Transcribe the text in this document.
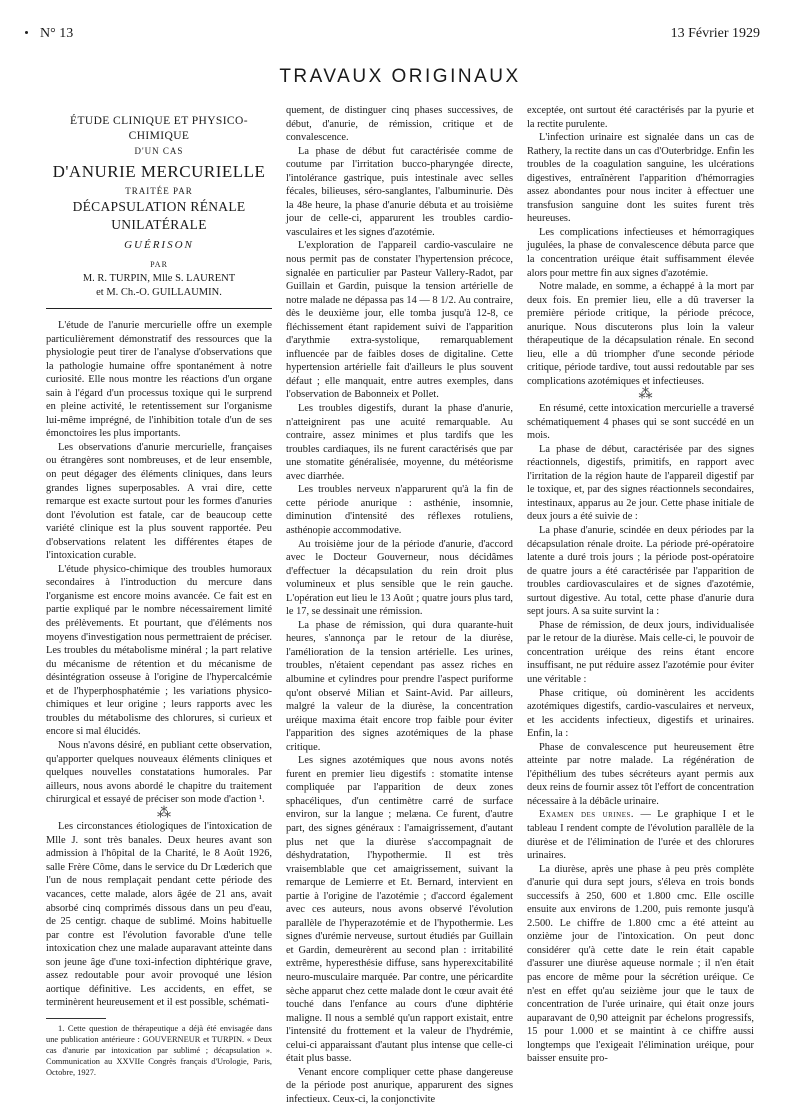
N° 13	13 Février 1929
TRAVAUX ORIGINAUX
ÉTUDE CLINIQUE ET PHYSICO-CHIMIQUE
D'UN CAS
D'ANURIE MERCURIELLE
TRAITÉE PAR
DÉCAPSULATION RÉNALE UNILATÉRALE
GUÉRISON
PAR
M. R. TURPIN, Mlle S. LAURENT
et M. Ch.-O. GUILLAUMIN.

L'étude de l'anurie mercurielle offre un exemple particulièrement démonstratif des ressources que la physiologie peut tirer de l'analyse d'observations que la pathologie humaine offre spontanément à notre curiosité. Elle nous montre les réactions d'un organe sain à l'égard d'un processus toxique qui le surprend en pleine activité, le retentissement sur l'organisme lui-même imprégné, de l'inhibition totale d'un de ses émonctoires les plus importants.

Les observations d'anurie mercurielle, françaises ou étrangères sont nombreuses, et de leur ensemble, on peut dégager des éléments cliniques, dans leurs grandes lignes superposables. A vrai dire, cette remarque est exacte surtout pour les formes d'anuries dont l'évolution est fatale, car de beaucoup cette variété clinique est la plus souvent rapportée. Peu d'observations relatent les différentes étapes de l'intoxication curable.

L'étude physico-chimique des troubles humoraux secondaires à l'introduction du mercure dans l'organisme est encore moins avancée. Ce fait est en partie expliqué par le nombre nécessairement limité des prélèvements. Et pourtant, que d'éléments nos moyens d'investigation nous permettraient de préciser. Les troubles du métabolisme minéral ; la part relative du mécanisme de rétention et du mécanisme de désintégration osseuse à l'origine de l'hypercalcémie et de l'hyperphosphatémie ; les variations physico-chimiques et leur origine ; leurs rapports avec les troubles du métabolisme des chlorures, si curieux et encore si mal élucidés.

Nous n'avons désiré, en publiant cette observation, qu'apporter quelques nouveaux éléments cliniques et quelques nouvelles constatations humorales. Par ailleurs, nous avons abordé le chapitre du traitement chirurgical et essayé de préciser son mode d'action ¹.

⁂

Les circonstances étiologiques de l'intoxication de Mlle J. sont très banales. Deux heures avant son admission à l'hôpital de la Charité, le 8 Août 1926, salle Frère Côme, dans le service du Dr Lœderich que l'un de nous remplaçait pendant cette période des vacances, cette malade, alors âgée de 21 ans, avait absorbé cinq comprimés dissous dans un peu d'eau, de 25 centigr. chaque de sublimé. Moins habituelle par contre est l'évolution favorable d'une telle intoxication chez une malade auparavant atteinte dans son jeune âge d'une toxi-infection diphtérique grave, assez redoutable pour avoir provoqué une lésion aortique définitive. Les accidents, en effet, se terminèrent heureusement et il est possible, schémati-

1. Cette question de thérapeutique a déjà été envisagée dans une publication antérieure : GOUVERNEUR et TURPIN. « Deux cas d'anurie par intoxication par sublimé ; décapsulation ». Communication au XXVIIe Congrès français d'Urologie, Paris, Octobre, 1927.

quement, de distinguer cinq phases successives, de début, d'anurie, de rémission, critique et de convalescence.

La phase de début fut caractérisée comme de coutume par l'irritation bucco-pharyngée directe, l'intolérance gastrique, puis intestinale avec selles fécales, bilieuses, séro-sanglantes, l'albuminurie. Dès la 48e heure, la phase d'anurie débuta et au troisième jour de celle-ci, apparurent les troubles cardio-vasculaires et les signes d'azotémie.

L'exploration de l'appareil cardio-vasculaire ne nous permit pas de constater l'hypertension précoce, signalée en particulier par Pasteur Vallery-Radot, par Guillain et Gardin, puisque la tension artérielle de notre malade ne dépassa pas 14 — 8 1/2. Au contraire, dès le deuxième jour, elle tomba jusqu'à 12-8, ce fléchissement étant rapidement suivi de l'apparition d'arythmie extra-systolique, remarquablement influencée par de faibles doses de digitaline. Cette hypertension artérielle fait d'ailleurs le plus souvent défaut ; elle manquait, entre autres exemples, dans l'observation de Babonneix et Pollet.

Les troubles digestifs, durant la phase d'anurie, n'atteignirent pas une acuité remarquable. Au contraire, assez minimes et plus tardifs que les troubles cardiaques, ils ne furent caractérisés que par une stomatite généralisée, moyenne, du météorisme avec diarrhée.

Les troubles nerveux n'apparurent qu'à la fin de cette période anurique : asthénie, insomnie, diminution d'intensité des réflexes rotuliens, asthénopie accommodative.

Au troisième jour de la période d'anurie, d'accord avec le Docteur Gouverneur, nous décidâmes d'effectuer la décapsulation du rein droit plus volumineux et plus sensible que le rein gauche. L'opération eut lieu le 13 Août ; quatre jours plus tard, le 17, se dessinait une rémission.

La phase de rémission, qui dura quarante-huit heures, s'annonça par le retour de la diurèse, l'amélioration de la tension artérielle. Les urines, troubles, n'étaient cependant pas assez riches en albumine et cylindres pour prendre l'aspect puriforme qu'ont observé Milian et Saint-Avid. Par ailleurs, malgré la valeur de la diurèse, la concentration uréique maxima était encore trop faible pour éviter l'apparition des signes azotémiques de la phase critique.

Les signes azotémiques que nous avons notés furent en premier lieu digestifs : stomatite intense compliquée par l'apparition de deux zones sphacéliques, d'un centimètre carré de surface environ, sur la langue ; melæna. Ce furent, d'autre part, des signes généraux : l'amaigrissement, d'autant plus net que la diurèse s'accompagnait de déshydratation, l'hypothermie. Il est très vraisemblable que cet amaigrissement, suivant la remarque de Lemierre et Et. Bernard, intervient en partie à l'origine de l'azotémie ; d'accord également avec ces auteurs, nous avons observé l'évolution parallèle de l'hyperazotémie et de l'hypothermie. Les signes d'urémie nerveuse, surtout étudiés par Guillain et Gardin, demeurèrent au second plan : irritabilité extrême, hyperesthésie diffuse, sans hyperexcitabilité neuro-musculaire marquée. Par contre, une péricardite sèche apparut chez cette malade dont le cœur avait été touché dans l'enfance au cours d'une diphtérie maligne. Il nous a semblé qu'un rapport existait, entre l'intensité du frottement et la valeur de l'hydrémie, celui-ci apparaissant d'autant plus intense que celle-ci était plus basse.

Venant encore compliquer cette phase dangereuse de la période post anurique, apparurent des signes infectieux. Ceux-ci, la conjonctivite

exceptée, ont surtout été caractérisés par la pyurie et la rectite purulente.

L'infection urinaire est signalée dans un cas de Rathery, la rectite dans un cas d'Outerbridge. Enfin les troubles de la coagulation sanguine, les ulcérations digestives, entraînèrent l'apparition d'hémorragies assez abondantes pour nous inciter à effectuer une transfusion sanguine dont les suites furent très heureuses.

Les complications infectieuses et hémorragiques jugulées, la phase de convalescence débuta parce que la concentration uréique était suffisamment élevée alors pour mettre fin aux signes d'azotémie.

Notre malade, en somme, a échappé à la mort par deux fois. En premier lieu, elle a dû traverser la première période critique, la période précoce, anurique. Nous discuterons plus loin la valeur thérapeutique de la décapsulation rénale. En second lieu, elle a dû triompher d'une seconde période critique, période tardive, tout aussi redoutable par ses complications azotémiques et infectieuses.

⁂

En résumé, cette intoxication mercurielle a traversé schématiquement 4 phases qui se sont succédé en un mois.

La phase de début, caractérisée par des signes réactionnels, digestifs, primitifs, en rapport avec l'irritation de la région haute de l'appareil digestif par le toxique, et, par des signes réactionnels secondaires, intestinaux, apparus au 2e jour. Cette phase initiale de deux jours a été suivie de :

La phase d'anurie, scindée en deux périodes par la décapsulation rénale droite. La période pré-opératoire latente a duré trois jours ; la période post-opératoire de quatre jours a été caractérisée par l'apparition de troubles cardiovasculaires et de signes d'azotémie, surtout digestive. Au total, cette phase d'anurie dura sept jours. A sa suite survint la :

Phase de rémission, de deux jours, individualisée par le retour de la diurèse. Mais celle-ci, le pouvoir de concentration uréique des reins étant encore insuffisant, ne put réduire assez l'azotémie pour éviter une véritable :

Phase critique, où dominèrent les accidents azotémiques digestifs, cardio-vasculaires et nerveux, et les accidents infectieux, digestifs et urinaires. Enfin, la :

Phase de convalescence put heureusement être atteinte par notre malade. La régénération de l'épithélium des tubes sécréteurs ayant permis aux deux reins de fournir assez tôt l'effort de concentration nécessaire à la débâcle urinaire.

Examen des urines. — Le graphique I et le tableau I rendent compte de l'évolution parallèle de la diurèse et de l'élimination de l'urée et des chlorures urinaires.

La diurèse, après une phase à peu près complète d'anurie qui dura sept jours, s'éleva en trois bonds successifs à 250, 600 et 1.800 cmc. Elle oscille ensuite aux environs de 1.200, puis remonte jusqu'à 2.500. Le chiffre de 1.800 cmc a été atteint au onzième jour de l'intoxication. On peut donc considérer qu'à cette date le rein était capable d'assurer une diurèse aqueuse normale ; il n'en était pas encore de même pour la sécrétion uréique. Ce n'est en effet qu'au seizième jour que le taux de concentration de l'urée urinaire, qui était onze jours auparavant de 0,90 atteignit par échelons progressifs, 15 pour 1.000 et se maintint à ce chiffre aussi longtemps que l'exigeait l'élimination uréique, pour baisser ensuite pro-
